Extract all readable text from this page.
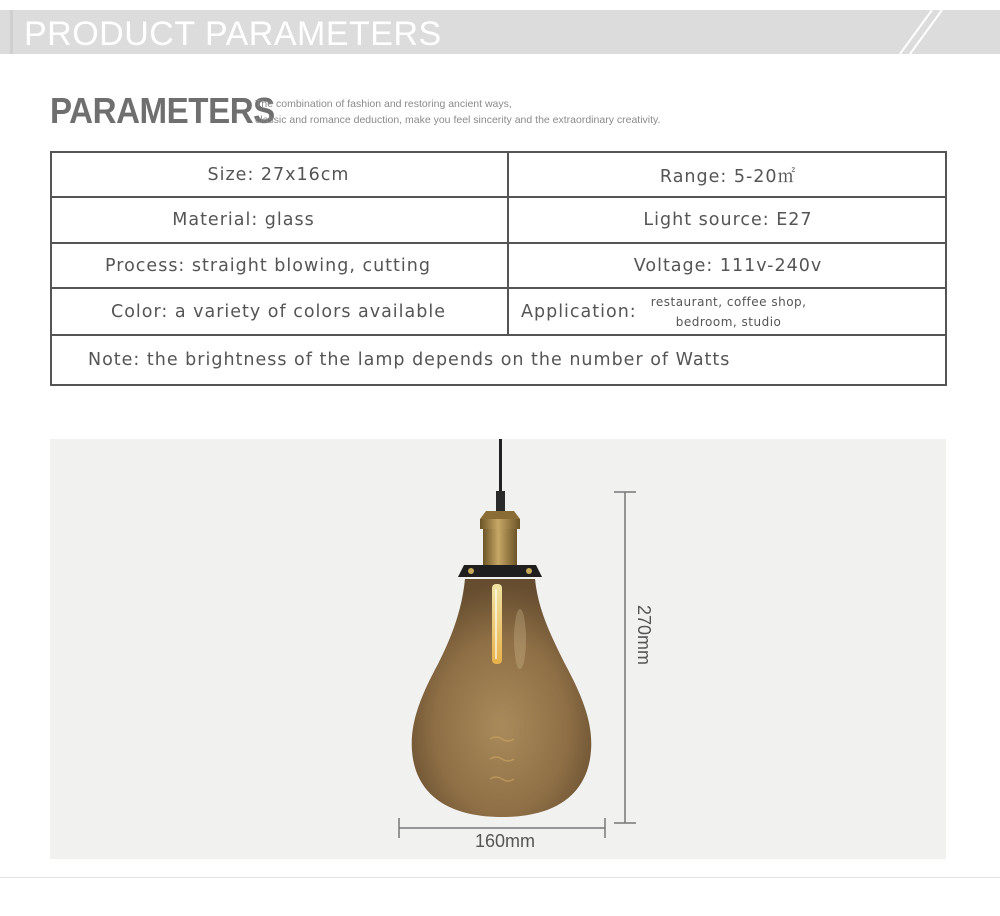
PRODUCT PARAMETERS
PARAMETERS
The combination of fashion and restoring ancient ways,
classic and romance deduction, make you feel sincerity and the extraordinary creativity.
Size: 27x16cm	Range: 5-20㎡
Material: glass	Light source: E27
Process: straight blowing, cutting	Voltage: 111v-240v
Color: a variety of colors available	Application: restaurant, coffee shop,
bedroom, studio
Note: the brightness of the lamp depends on the number of Watts
270mm
160mm
